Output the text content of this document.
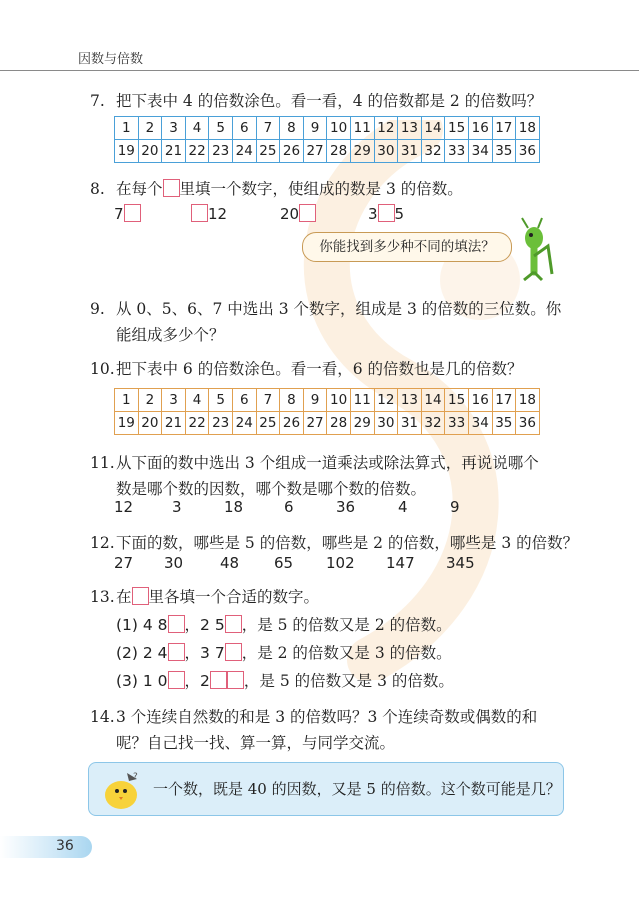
因数与倍数
7. 把下表中 4 的倍数涂色。看一看，4 的倍数都是 2 的倍数吗？
1	2	3	4	5	6	7	8	9	10	11	12	13	14	15	16	17	18
19	20	21	22	23	24	25	26	27	28	29	30	31	32	33	34	35	36
8. 在每个 里填一个数字，使组成的数是 3 的倍数。
7	12	20	3 5
你能找到多少种不同的填法？
9. 从 0、5、6、7 中选出 3 个数字，组成是 3 的倍数的三位数。你
能组成多少个？
10.把下表中 6 的倍数涂色。看一看，6 的倍数也是几的倍数？
1	2	3	4	5	6	7	8	9	10	11	12	13	14	15	16	17	18
19	20	21	22	23	24	25	26	27	28	29	30	31	32	33	34	35	36
11.从下面的数中选出 3 个组成一道乘法或除法算式，再说说哪个
数是哪个数的因数，哪个数是哪个数的倍数。
12	3	18	6	36	4	9
12.下面的数，哪些是 5 的倍数，哪些是 2 的倍数，哪些是 3 的倍数？
27 30 48 65 102 147 345
13.在 里各填一个合适的数字。
(1) 4 8 ，2 5 ，是 5 的倍数又是 2 的倍数。
(2) 2 4 ，3 7 ，是 2 的倍数又是 3 的倍数。
(3) 1 0 ，2 ，是 5 的倍数又是 3 的倍数。
14.3 个连续自然数的和是 3 的倍数吗？3 个连续奇数或偶数的和
呢？自己找一找、算一算，与同学交流。
?
一个数，既是 40 的因数，又是 5 的倍数。这个数可能是几？
36
